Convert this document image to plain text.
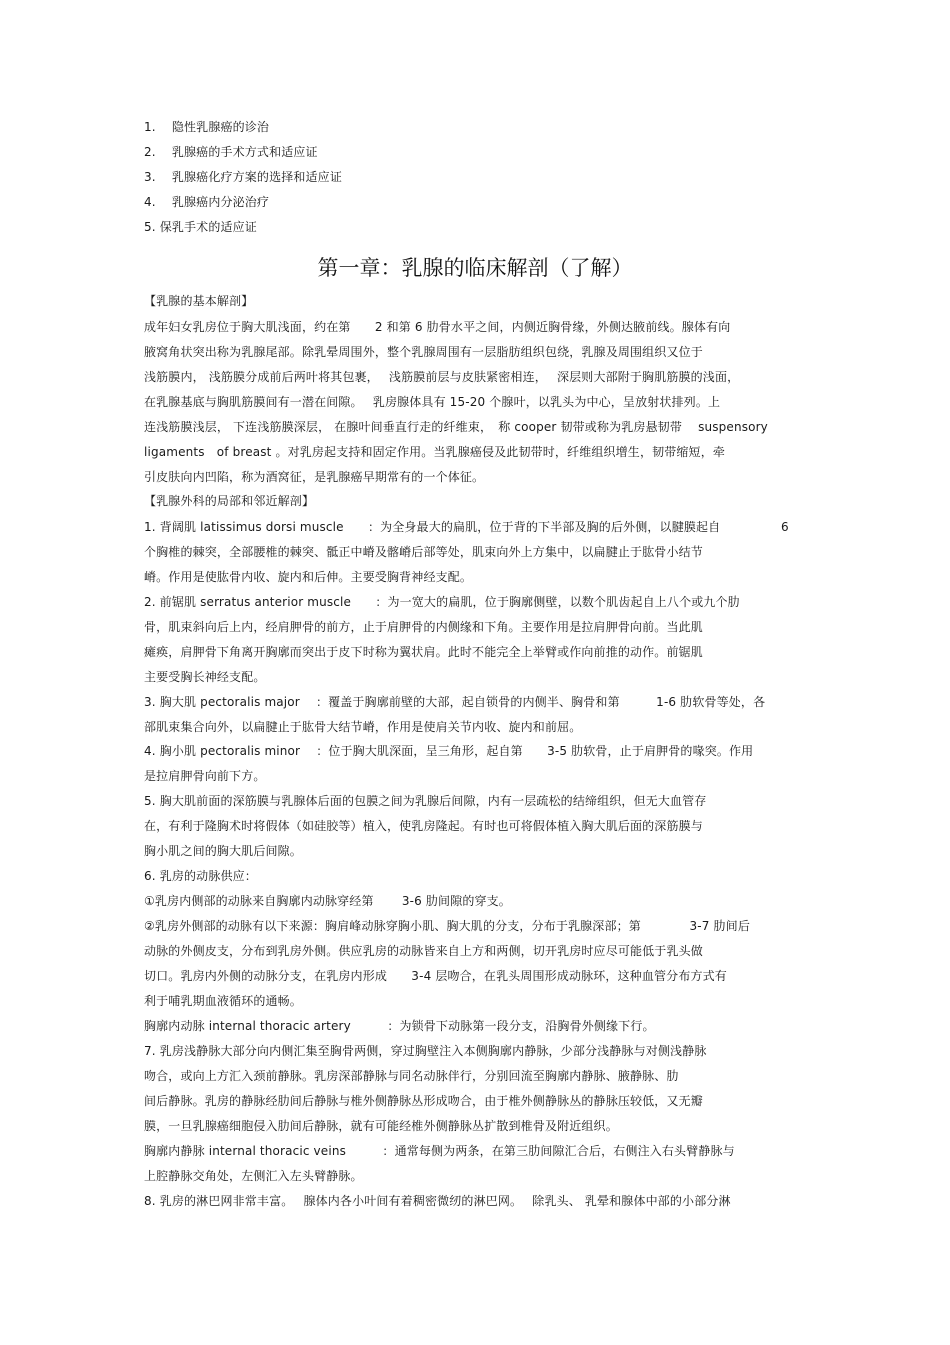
1.　 隐性乳腺癌的诊治
2.　 乳腺癌的手术方式和适应证
3.　 乳腺癌化疗方案的选择和适应证
4.　 乳腺癌内分泌治疗
5. 保乳手术的适应证
第一章：乳腺的临床解剖（了解）
【乳腺的基本解剖】
成年妇女乳房位于胸大肌浅面，约在第　　2 和第 6 肋骨水平之间，内侧近胸骨缘，外侧达腋前线。腺体有向
腋窝角状突出称为乳腺尾部。除乳晕周围外，整个乳腺周围有一层脂肪组织包绕，乳腺及周围组织又位于
浅筋膜内， 浅筋膜分成前后两叶将其包裹，　 浅筋膜前层与皮肤紧密相连，　 深层则大部附于胸肌筋膜的浅面，
在乳腺基底与胸肌筋膜间有一潜在间隙。　 乳房腺体具有 15-20 个腺叶，以乳头为中心，呈放射状排列。上
连浅筋膜浅层， 下连浅筋膜深层， 在腺叶间垂直行走的纤维束，　称 cooper 韧带或称为乳房悬韧带　 suspensory
ligaments　of breast 。对乳房起支持和固定作用。当乳腺癌侵及此韧带时，纤维组织增生，韧带缩短，牵
引皮肤向内凹陷，称为酒窝征，是乳腺癌早期常有的一个体征。
【乳腺外科的局部和邻近解剖】
1. 背阔肌 latissimus dorsi muscle　　：为全身最大的扁肌，位于背的下半部及胸的后外侧，以腱膜起自　　　　　6
个胸椎的棘突，全部腰椎的棘突、骶正中嵴及髂嵴后部等处，肌束向外上方集中，以扁腱止于肱骨小结节
嵴。作用是使肱骨内收、旋内和后伸。主要受胸背神经支配。
2. 前锯肌 serratus anterior muscle　　：为一宽大的扁肌，位于胸廓侧壁，以数个肌齿起自上八个或九个肋
骨，肌束斜向后上内，经肩胛骨的前方，止于肩胛骨的内侧缘和下角。主要作用是拉肩胛骨向前。当此肌
瘫痪，肩胛骨下角离开胸廓而突出于皮下时称为翼状肩。此时不能完全上举臂或作向前推的动作。前锯肌
主要受胸长神经支配。
3. 胸大肌 pectoralis major　 ：覆盖于胸廓前壁的大部，起自锁骨的内侧半、胸骨和第　　　1-6 肋软骨等处，各
部肌束集合向外，以扁腱止于肱骨大结节嵴，作用是使肩关节内收、旋内和前屈。
4. 胸小肌 pectoralis minor　 ：位于胸大肌深面，呈三角形，起自第　　3-5 肋软骨，止于肩胛骨的喙突。作用
是拉肩胛骨向前下方。
5. 胸大肌前面的深筋膜与乳腺体后面的包膜之间为乳腺后间隙，内有一层疏松的结缔组织，但无大血管存
在，有利于隆胸术时将假体（如硅胶等）植入，使乳房隆起。有时也可将假体植入胸大肌后面的深筋膜与
胸小肌之间的胸大肌后间隙。
6. 乳房的动脉供应：
①乳房内侧部的动脉来自胸廓内动脉穿经第　　 3-6 肋间隙的穿支。
②乳房外侧部的动脉有以下来源：胸肩峰动脉穿胸小肌、胸大肌的分支，分布于乳腺深部；第　　　　3-7 肋间后
动脉的外侧皮支，分布到乳房外侧。供应乳房的动脉皆来自上方和两侧，切开乳房时应尽可能低于乳头做
切口。乳房内外侧的动脉分支，在乳房内形成　　3-4 层吻合，在乳头周围形成动脉环，这种血管分布方式有
利于哺乳期血液循环的通畅。
胸廓内动脉 internal thoracic artery　　　：为锁骨下动脉第一段分支，沿胸骨外侧缘下行。
7. 乳房浅静脉大部分向内侧汇集至胸骨两侧，穿过胸壁注入本侧胸廓内静脉，少部分浅静脉与对侧浅静脉
吻合，或向上方汇入颈前静脉。乳房深部静脉与同名动脉伴行，分别回流至胸廓内静脉、腋静脉、肋
间后静脉。乳房的静脉经肋间后静脉与椎外侧静脉丛形成吻合，由于椎外侧静脉丛的静脉压较低，又无瓣
膜，一旦乳腺癌细胞侵入肋间后静脉，就有可能经椎外侧静脉丛扩散到椎骨及附近组织。
胸廓内静脉 internal thoracic veins　　　：通常每侧为两条，在第三肋间隙汇合后，右侧注入右头臂静脉与
上腔静脉交角处，左侧汇入左头臂静脉。
8. 乳房的淋巴网非常丰富。　 腺体内各小叶间有着稠密微纫的淋巴网。　 除乳头、 乳晕和腺体中部的小部分淋
